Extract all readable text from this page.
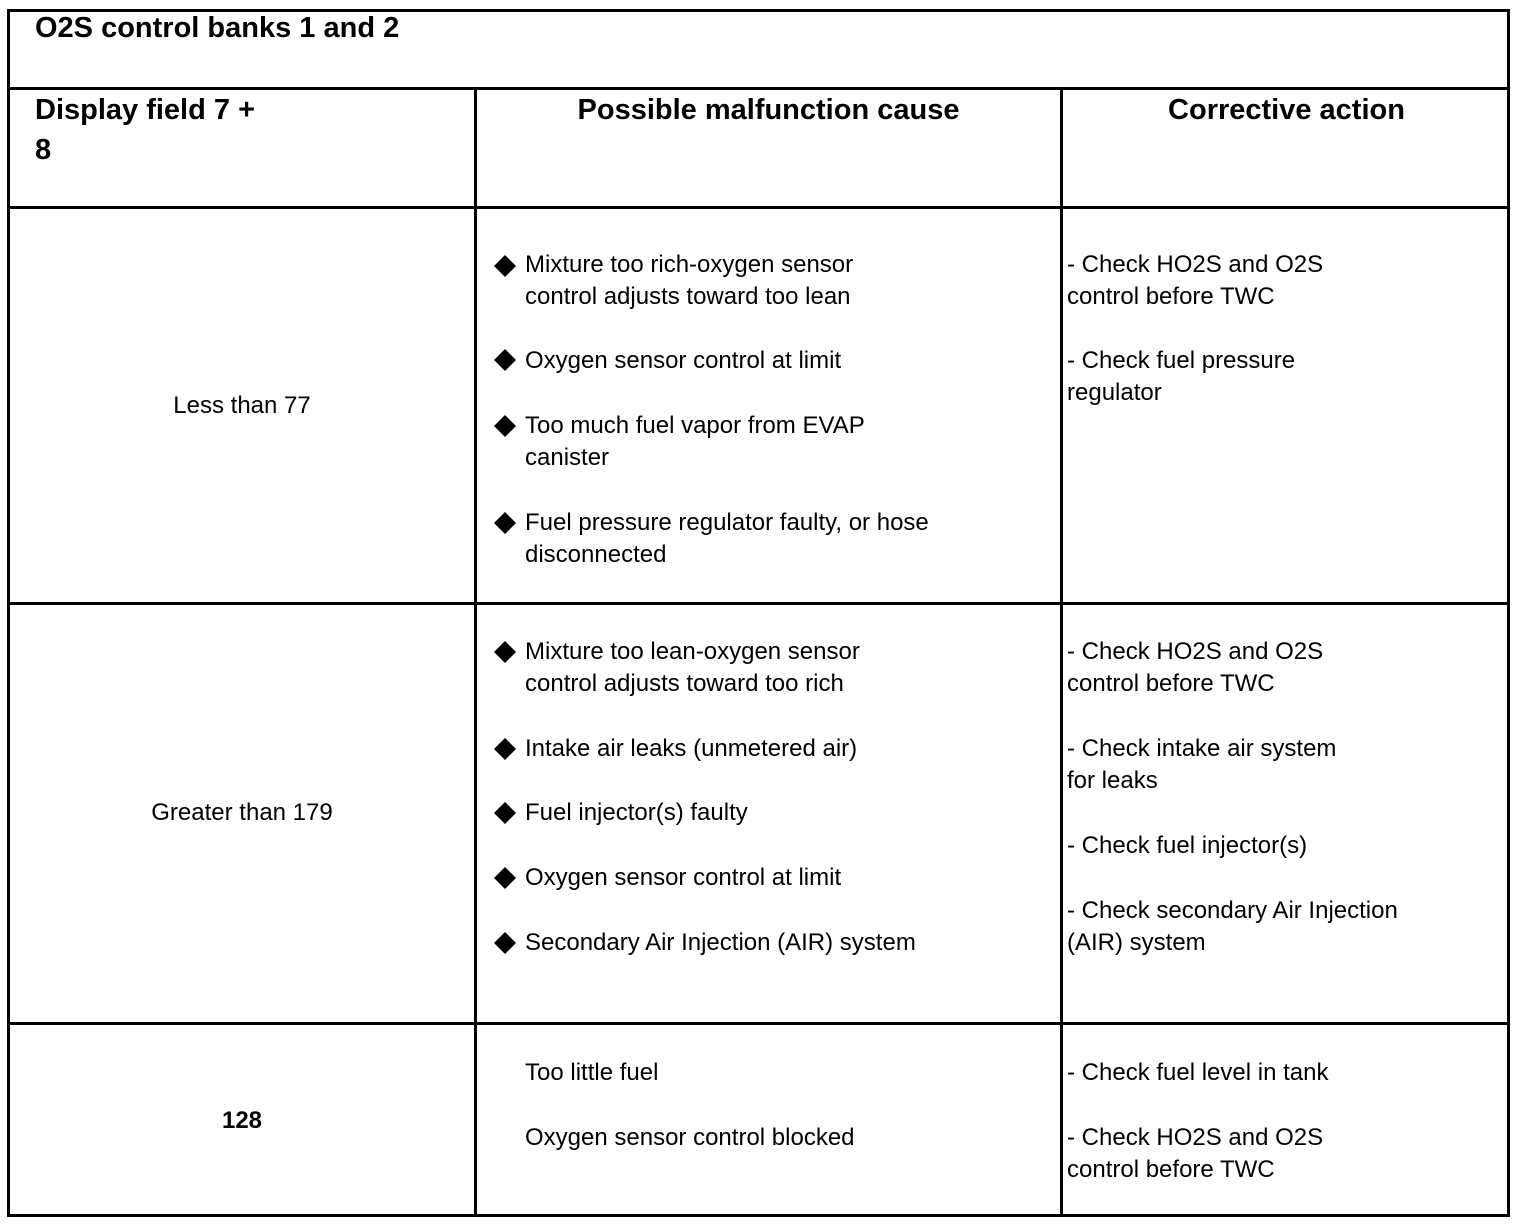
O2S control banks 1 and 2
Display field 7 +
8
Possible malfunction cause	Corrective action
Less than 77
Mixture too rich-oxygen sensor
control adjusts toward too lean
Oxygen sensor control at limit
Too much fuel vapor from EVAP
canister
Fuel pressure regulator faulty, or hose
disconnected
- Check HO2S and O2S
control before TWC
- Check fuel pressure
regulator
Greater than 179
Mixture too lean-oxygen sensor
control adjusts toward too rich
Intake air leaks (unmetered air)
Fuel injector(s) faulty
Oxygen sensor control at limit
Secondary Air Injection (AIR) system
- Check HO2S and O2S
control before TWC
- Check intake air system
for leaks
- Check fuel injector(s)
- Check secondary Air Injection
(AIR) system
128
Too little fuel
Oxygen sensor control blocked
- Check fuel level in tank
- Check HO2S and O2S
control before TWC
